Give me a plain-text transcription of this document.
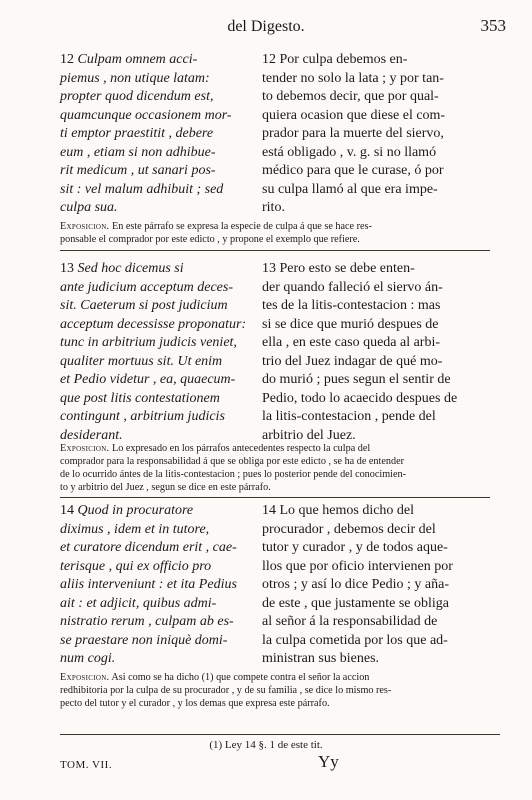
del Digesto.	353
12 Culpam omnem acci-
piemus , non utique latam:
propter quod dicendum est,
quamcunque occasionem mor-
ti emptor praestitit , debere
eum , etiam si non adhibue-
rit medicum , ut sanari pos-
sit : vel malum adhibuit ; sed
culpa sua.
12 Por culpa debemos en-
tender no solo la lata ; y por tan-
to debemos decir, que por qual-
quiera ocasion que diese el com-
prador para la muerte del siervo,
está obligado , v. g. si no llamó
médico para que le curase, ó por
su culpa llamó al que era impe-
rito.
Exposicion. En este párrafo se expresa la especie de culpa á que se hace res-
ponsable el comprador por este edicto , y propone el exemplo que refiere.
13 Sed hoc dicemus si
ante judicium acceptum deces-
sit. Caeterum si post judicium
acceptum decessisse proponatur:
tunc in arbitrium judicis veniet,
qualiter mortuus sit. Ut enim
et Pedio videtur , ea, quaecum-
que post litis contestationem
contingunt , arbitrium judicis
desiderant.
13 Pero esto se debe enten-
der quando falleció el siervo án-
tes de la litis-contestacion : mas
si se dice que murió despues de
ella , en este caso queda al arbi-
trio del Juez indagar de qué mo-
do murió ; pues segun el sentir de
Pedio, todo lo acaecido despues de
la litis-contestacion , pende del
arbitrio del Juez.
Exposicion. Lo expresado en los párrafos antecedentes respecto la culpa del
comprador para la responsabilidad á que se obliga por este edicto , se ha de entender
de lo ocurrido ántes de la litis-contestacion ; pues lo posterior pende del conocimien-
to y arbitrio del Juez , segun se dice en este párrafo.
14 Quod in procuratore
diximus , idem et in tutore,
et curatore dicendum erit , cae-
terisque , qui ex officio pro
aliis interveniunt : et ita Pedius
ait : et adjicit, quibus admi-
nistratio rerum , culpam ab es-
se praestare non iniquè domi-
num cogi.
14 Lo que hemos dicho del
procurador , debemos decir del
tutor y curador , y de todos aque-
llos que por oficio intervienen por
otros ; y así lo dice Pedio ; y aña-
de este , que justamente se obliga
al señor á la responsabilidad de
la culpa cometida por los que ad-
ministran sus bienes.
Exposicion. Asi como se ha dicho (1) que compete contra el señor la accion
redhibitoria por la culpa de su procurador , y de su familia , se dice lo mismo res-
pecto del tutor y el curador , y los demas que expresa este párrafo.
(1) Ley 14 §. 1 de este tit.
TOM. VII.	Yy
